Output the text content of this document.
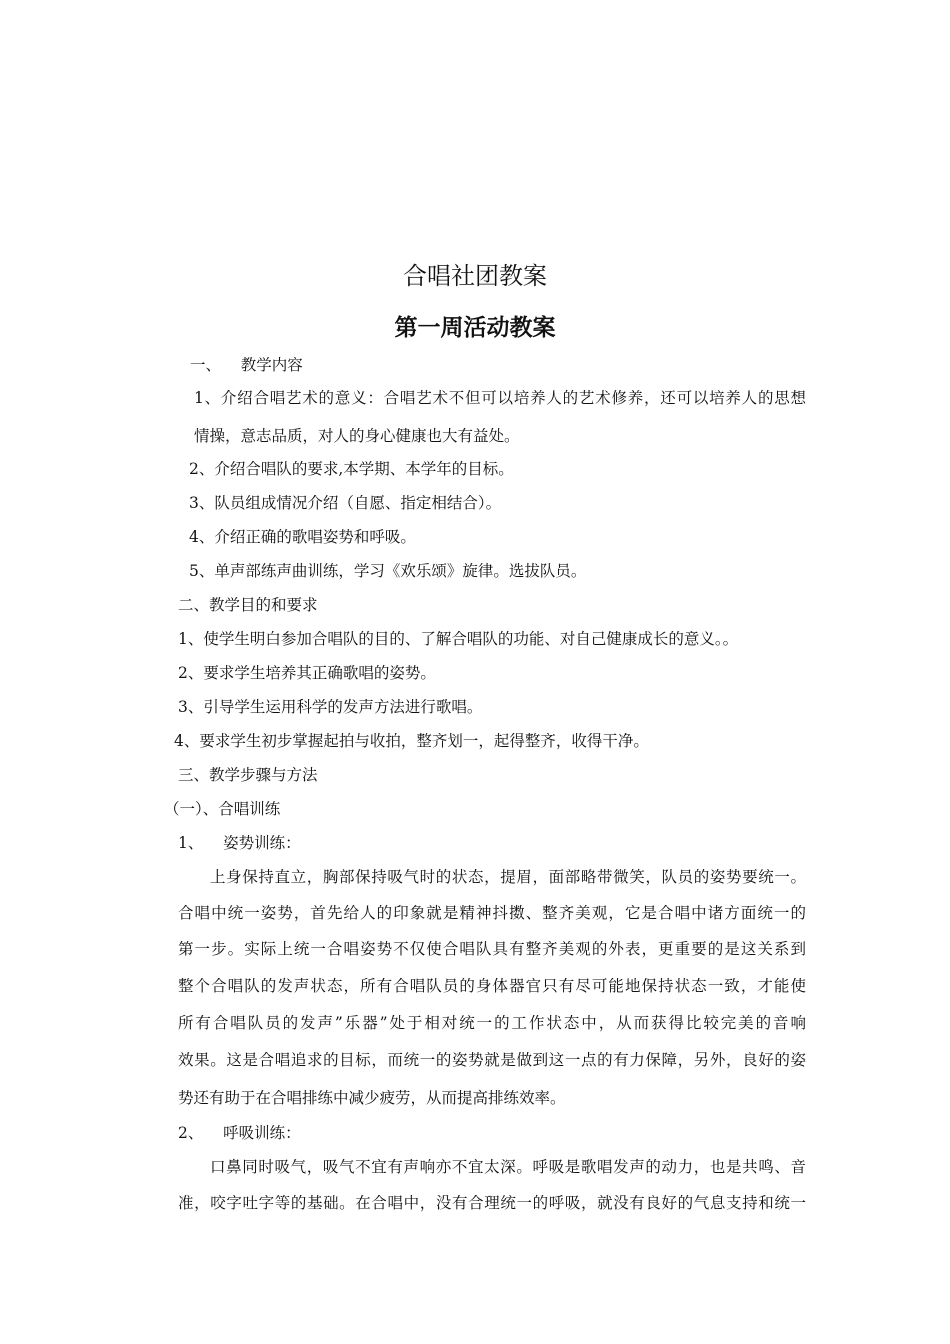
合唱社团教案
第一周活动教案
一、    教学内容
1、介绍合唱艺术的意义：合唱艺术不但可以培养人的艺术修养，还可以培养人的思想
情操，意志品质，对人的身心健康也大有益处。
2、介绍合唱队的要求,本学期、本学年的目标。
3、队员组成情况介绍（自愿、指定相结合）。
4、介绍正确的歌唱姿势和呼吸。
5、单声部练声曲训练，学习《欢乐颂》旋律。选拔队员。
二、教学目的和要求
1、使学生明白参加合唱队的目的、了解合唱队的功能、对自己健康成长的意义。。
2、要求学生培养其正确歌唱的姿势。
3、引导学生运用科学的发声方法进行歌唱。
4、要求学生初步掌握起拍与收拍，整齐划一，起得整齐，收得干净。
三、教学步骤与方法
（一）、合唱训练
1、    姿势训练：
上身保持直立，胸部保持吸气时的状态，提眉，面部略带微笑，队员的姿势要统一。
合唱中统一姿势，首先给人的印象就是精神抖擞、整齐美观，它是合唱中诸方面统一的
第一步。实际上统一合唱姿势不仅使合唱队具有整齐美观的外表，更重要的是这关系到
整个合唱队的发声状态，所有合唱队员的身体器官只有尽可能地保持状态一致，才能使
所有合唱队员的发声”乐器”处于相对统一的工作状态中，从而获得比较完美的音响
效果。这是合唱追求的目标，而统一的姿势就是做到这一点的有力保障，另外，良好的姿
势还有助于在合唱排练中减少疲劳，从而提高排练效率。
2、    呼吸训练：
口鼻同时吸气，吸气不宜有声响亦不宜太深。呼吸是歌唱发声的动力，也是共鸣、音
准，咬字吐字等的基础。在合唱中，没有合理统一的呼吸，就没有良好的气息支持和统一
